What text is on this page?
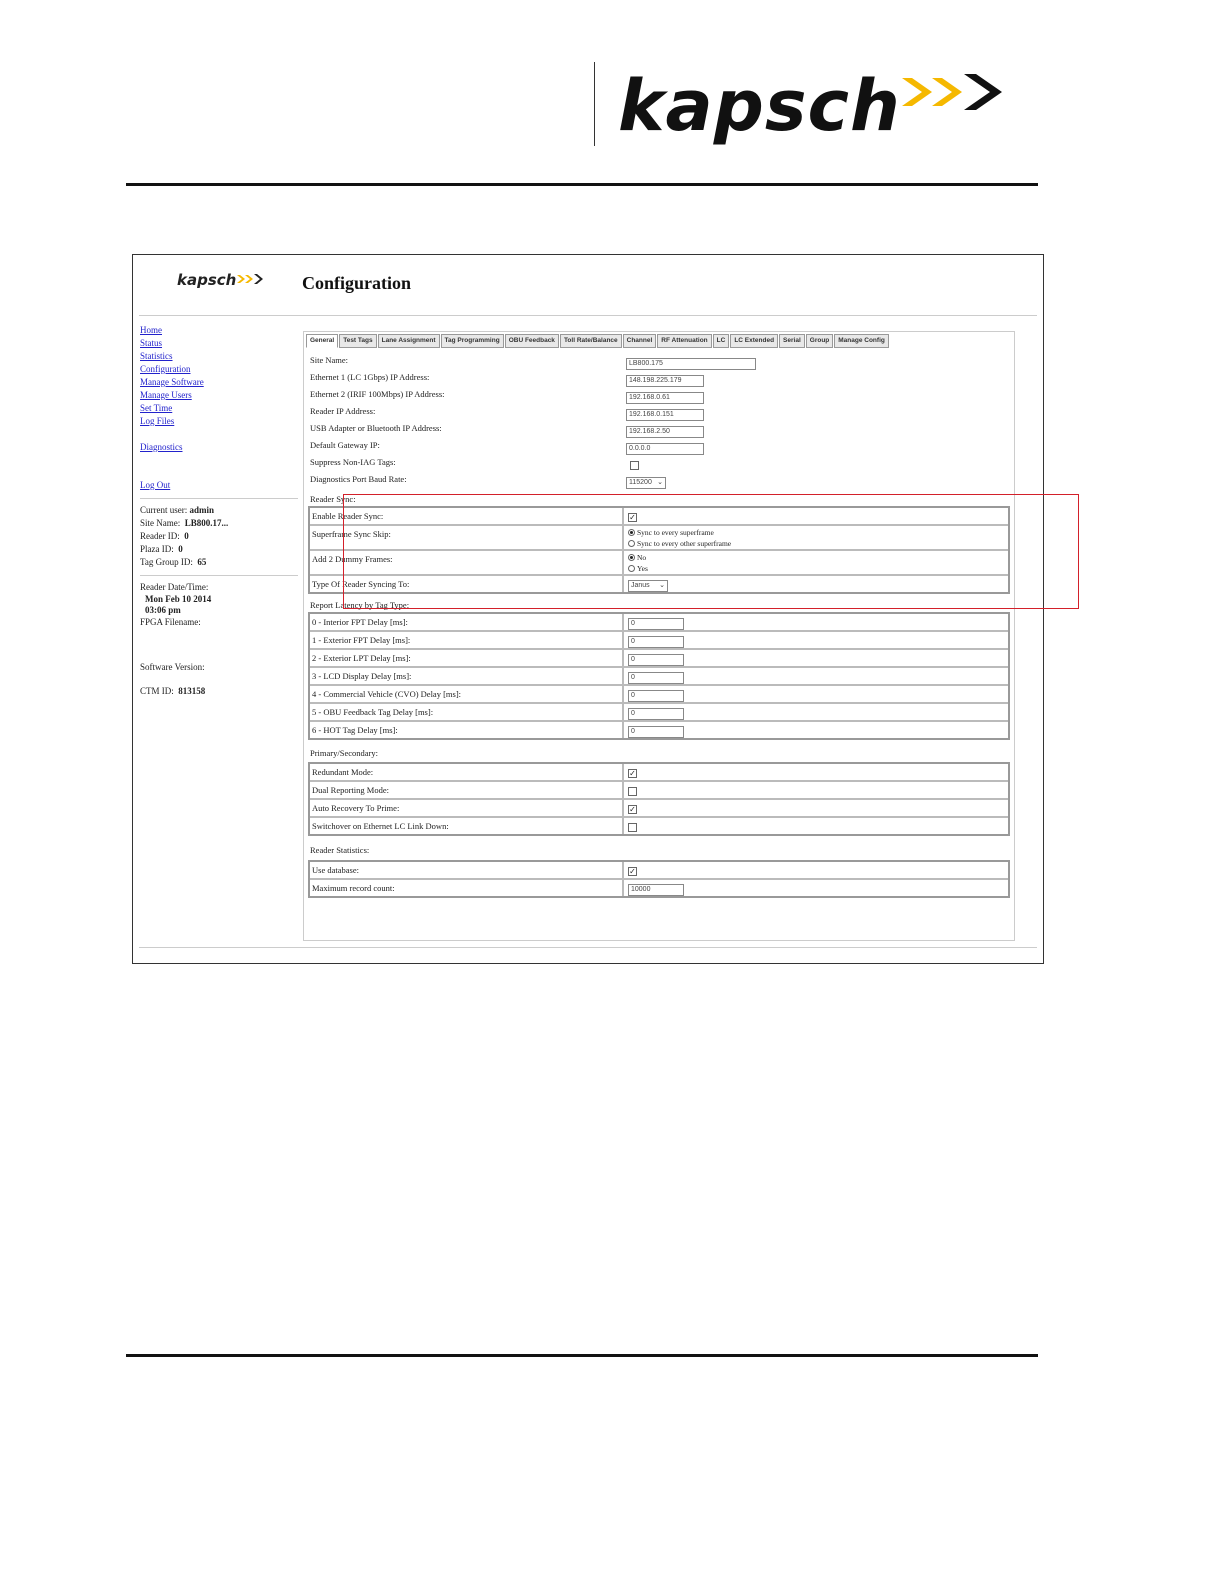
kapsch
kapsch	Configuration
Home
Status
Statistics
Configuration
Manage Software
Manage Users
Set Time
Log Files
Diagnostics
Log Out
Current user: admin
Site Name: LB800.17...
Reader ID: 0
Plaza ID: 0
Tag Group ID: 65
Reader Date/Time:
Mon Feb 10 2014
03:06 pm
FPGA Filename:
Software Version:
CTM ID: 813158
General	Test Tags	Lane Assignment	Tag Programming	OBU Feedback	Toll Rate/Balance	Channel	RF Attenuation	LC	LC Extended	Serial	Group	Manage Config
Site Name:	LB800.175
Ethernet 1 (LC 1Gbps) IP Address:	148.198.225.179
Ethernet 2 (IRIF 100Mbps) IP Address:	192.168.0.61
Reader IP Address:	192.168.0.151
USB Adapter or Bluetooth IP Address:	192.168.2.50
Default Gateway IP:	0.0.0.0
Suppress Non-IAG Tags:
Diagnostics Port Baud Rate:	115200 ⌄
Reader Sync:
Enable Reader Sync:	✓
Superframe Sync Skip:	Sync to every superframe
Sync to every other superframe
Add 2 Dummy Frames:	No
Yes
Type Of Reader Syncing To:	Janus ⌄
Report Latency by Tag Type:
0 - Interior FPT Delay [ms]:	0
1 - Exterior FPT Delay [ms]:	0
2 - Exterior LPT Delay [ms]:	0
3 - LCD Display Delay [ms]:	0
4 - Commercial Vehicle (CVO) Delay [ms]:	0
5 - OBU Feedback Tag Delay [ms]:	0
6 - HOT Tag Delay [ms]:	0
Primary/Secondary:
Redundant Mode:	✓
Dual Reporting Mode:
Auto Recovery To Prime:	✓
Switchover on Ethernet LC Link Down:
Reader Statistics:
Use database:	✓
Maximum record count:	10000
